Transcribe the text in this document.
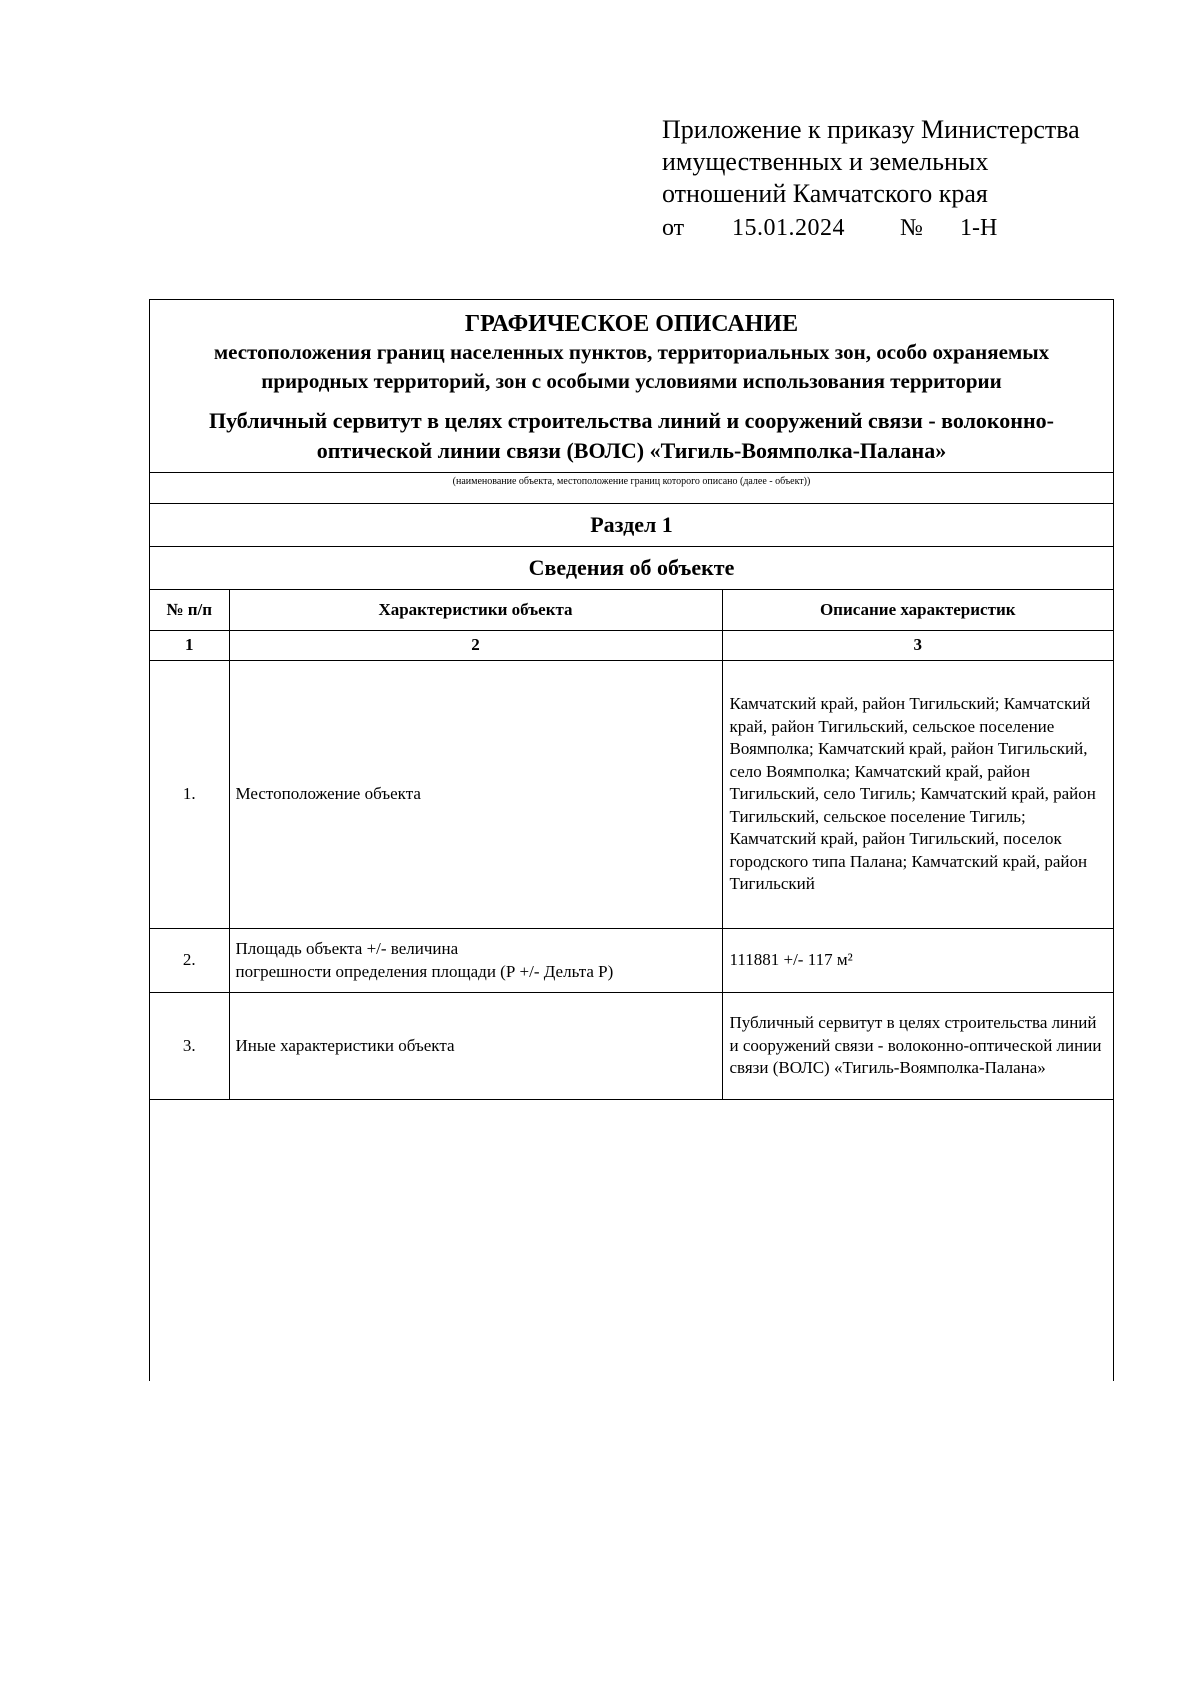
Приложение к приказу Министерства
имущественных и земельных
отношений Камчатского края
от	15.01.2024	№	1-Н
ГРАФИЧЕСКОЕ ОПИСАНИЕ
местоположения границ населенных пунктов, территориальных зон, особо охраняемых природных территорий, зон с особыми условиями использования территории
Публичный сервитут в целях строительства линий и сооружений связи - волоконно-оптической линии связи (ВОЛС) «Тигиль-Воямполка-Палана»
(наименование объекта, местоположение границ которого описано (далее - объект))
Раздел 1
Сведения об объекте
№ п/п	Характеристики объекта	Описание характеристик
1	2	3
1.	Местоположение объекта	Камчатский край, район Тигильский; Камчатский край, район Тигильский, сельское поселение Воямполка; Камчатский край, район Тигильский, село Воямполка; Камчатский край, район Тигильский, село Тигиль; Камчатский край, район Тигильский, сельское поселение Тигиль; Камчатский край, район Тигильский, поселок городского типа Палана; Камчатский край, район Тигильский
2.	Площадь объекта +/- величина
погрешности определения площади (Р +/- Дельта Р)	111881 +/- 117 м²
3.	Иные характеристики объекта	Публичный сервитут в целях строительства линий и сооружений связи - волоконно-оптической линии связи (ВОЛС) «Тигиль-Воямполка-Палана»
